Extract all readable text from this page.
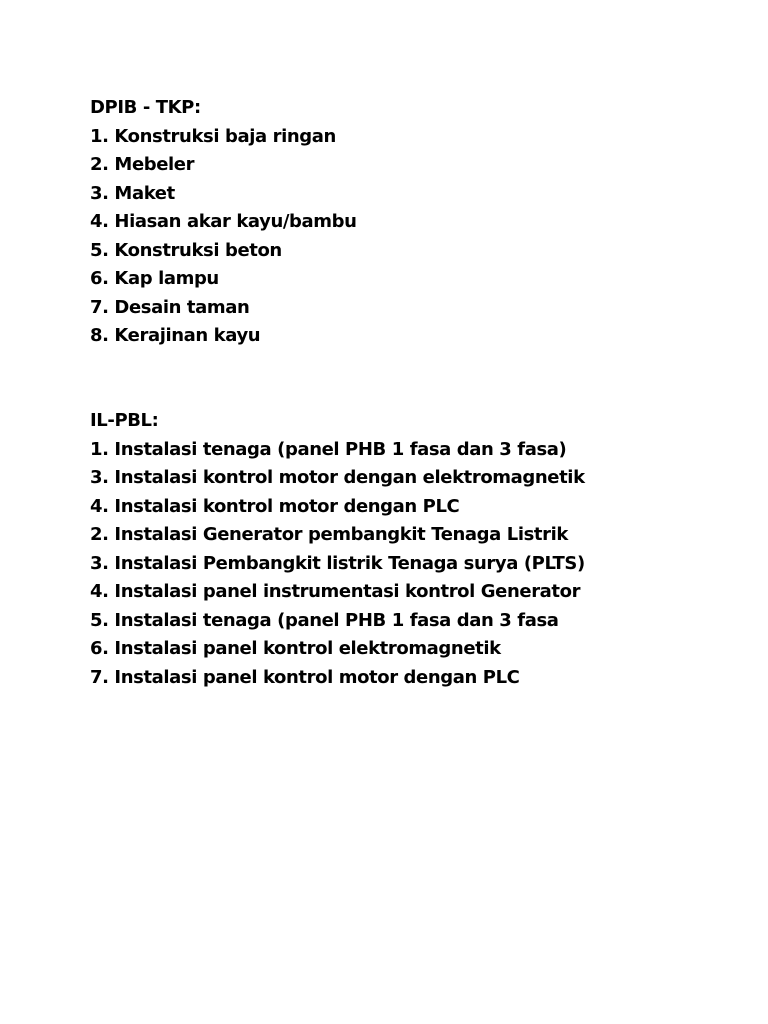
DPIB - TKP:
1. Konstruksi baja ringan
2. Mebeler
3. Maket
4. Hiasan akar kayu/bambu
5. Konstruksi beton
6. Kap lampu
7. Desain taman
8. Kerajinan kayu
IL-PBL:
1. Instalasi tenaga (panel PHB 1 fasa dan 3 fasa)
3. Instalasi kontrol motor dengan elektromagnetik
4. Instalasi kontrol motor dengan PLC
2. Instalasi Generator pembangkit Tenaga Listrik
3. Instalasi Pembangkit listrik Tenaga surya (PLTS)
4. Instalasi panel instrumentasi kontrol Generator
5. Instalasi tenaga (panel PHB 1 fasa dan 3 fasa
6. Instalasi panel kontrol elektromagnetik
7. Instalasi panel kontrol motor dengan PLC
